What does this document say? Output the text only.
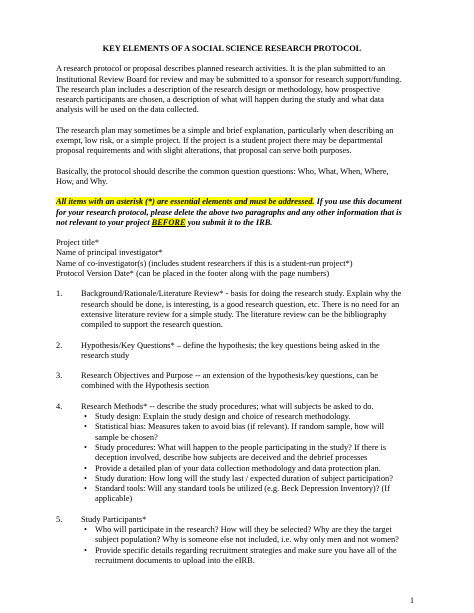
KEY ELEMENTS OF A SOCIAL SCIENCE RESEARCH PROTOCOL

A research protocol or proposal describes planned research activities. It is the plan submitted to an Institutional Review Board for review and may be submitted to a sponsor for research support/funding. The research plan includes a description of the research design or methodology, how prospective research participants are chosen, a description of what will happen during the study and what data analysis will be used on the data collected.

The research plan may sometimes be a simple and brief explanation, particularly when describing an exempt, low risk, or a simple project. If the project is a student project there may be departmental proposal requirements and with slight alterations, that proposal can serve both purposes.

Basically, the protocol should describe the common question questions: Who, What, When, Where, How, and Why.

All items with an asterisk (*) are essential elements and must be addressed. If you use this document for your research protocol, please delete the above two paragraphs and any other information that is not relevant to your project BEFORE you submit it to the IRB.

Project title*
Name of principal investigator*
Name of co-investigator(s) (includes student researchers if this is a student-run project*)
Protocol Version Date* (can be placed in the footer along with the page numbers)
1.	Background/Rationale/Literature Review* - basis for doing the research study. Explain why the research should be done, is interesting, is a good research question, etc. There is no need for an extensive literature review for a simple study. The literature review can be the bibliography compiled to support the research question.
2.	Hypothesis/Key Questions* – define the hypothesis; the key questions being asked in the research study
3.	Research Objectives and Purpose -- an extension of the hypothesis/key questions, can be combined with the Hypothesis section
4.	Research Methods* -- describe the study procedures; what will subjects be asked to do.
• Study design: Explain the study design and choice of research methodology.
• Statistical bias: Measures taken to avoid bias (if relevant). If random sample, how will sample be chosen?
• Study procedures: What will happen to the people participating in the study? If there is deception involved, describe how subjects are deceived and the debrief processes
• Provide a detailed plan of your data collection methodology and data protection plan.
• Study duration: How long will the study last / expected duration of subject participation?
• Standard tools: Will any standard tools be utilized (e.g. Beck Depression Inventory)? (If applicable)
5.	Study Participants*
• Who will participate in the research? How will they be selected? Why are they the target subject population? Why is someone else not included, i.e. why only men and not women?
• Provide specific details regarding recruitment strategies and make sure you have all of the recruitment documents to upload into the eIRB.
1
